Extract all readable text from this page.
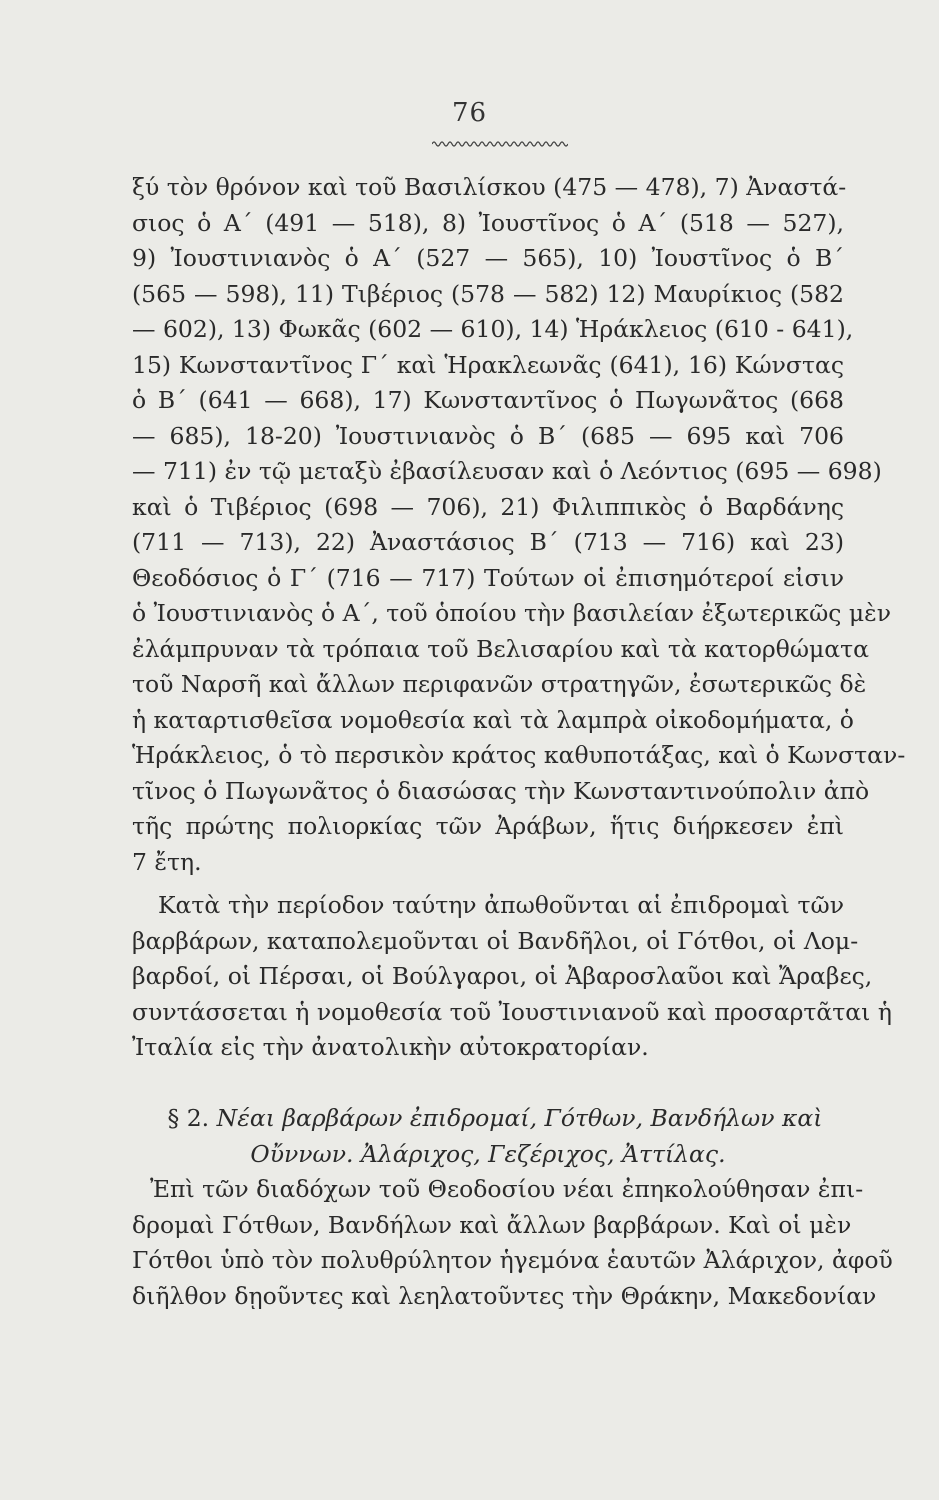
76
ξύ τὸν θρόνον καὶ τοῦ Βασιλίσκου (475 — 478), 7) Ἀναστά-
σιος ὁ Α΄ (491 — 518), 8) Ἰουστῖνος ὁ Α΄ (518 — 527),
9) Ἰουστινιανὸς ὁ Α΄ (527 — 565), 10) Ἰουστῖνος ὁ Β΄
(565 — 598), 11) Τιβέριος (578 — 582) 12) Μαυρίκιος (582
— 602), 13) Φωκᾶς (602 — 610), 14) Ἡράκλειος (610 - 641),
15) Κωνσταντῖνος Γ΄ καὶ Ἡρακλεωνᾶς (641), 16) Κώνστας
ὁ Β΄ (641 — 668), 17) Κωνσταντῖνος ὁ Πωγωνᾶτος (668
— 685), 18-20) Ἰουστινιανὸς ὁ Β΄ (685 — 695 καὶ 706
— 711) ἐν τῷ μεταξὺ ἐβασίλευσαν καὶ ὁ Λεόντιος (695 — 698)
καὶ ὁ Τιβέριος (698 — 706), 21) Φιλιππικὸς ὁ Βαρδάνης
(711 — 713), 22) Ἀναστάσιος Β΄ (713 — 716) καὶ 23)
Θεοδόσιος ὁ Γ΄ (716 — 717) Τούτων οἱ ἐπισημότεροί εἰσιν
ὁ Ἰουστινιανὸς ὁ Α΄, τοῦ ὁποίου τὴν βασιλείαν ἐξωτερικῶς μὲν
ἐλάμπρυναν τὰ τρόπαια τοῦ Βελισαρίου καὶ τὰ κατορθώματα
τοῦ Ναρσῆ καὶ ἄλλων περιφανῶν στρατηγῶν, ἐσωτερικῶς δὲ
ἡ καταρτισθεῖσα νομοθεσία καὶ τὰ λαμπρὰ οἰκοδομήματα, ὁ
Ἡράκλειος, ὁ τὸ περσικὸν κράτος καθυποτάξας, καὶ ὁ Κωνσταν-
τῖνος ὁ Πωγωνᾶτος ὁ διασώσας τὴν Κωνσταντινούπολιν ἀπὸ
τῆς πρώτης πολιορκίας τῶν Ἀράβων, ἥτις διήρκεσεν ἐπὶ
7 ἔτη.
Κατὰ τὴν περίοδον ταύτην ἀπωθοῦνται αἱ ἐπιδρομαὶ τῶν
βαρβάρων, καταπολεμοῦνται οἱ Βανδῆλοι, οἱ Γότθοι, οἱ Λομ-
βαρδοί, οἱ Πέρσαι, οἱ Βούλγαροι, οἱ Ἀβαροσλαῦοι καὶ Ἄραβες,
συντάσσεται ἡ νομοθεσία τοῦ Ἰουστινιανοῦ καὶ προσαρτᾶται ἡ
Ἰταλία εἰς τὴν ἀνατολικὴν αὐτοκρατορίαν.
§ 2. Νέαι βαρβάρων ἐπιδρομαί, Γότθων, Βανδήλων καὶ
Οὔννων. Ἀλάριχος, Γεζέριχος, Ἀττίλας.
Ἐπὶ τῶν διαδόχων τοῦ Θεοδοσίου νέαι ἐπηκολούθησαν ἐπι-
δρομαὶ Γότθων, Βανδήλων καὶ ἄλλων βαρβάρων. Καὶ οἱ μὲν
Γότθοι ὑπὸ τὸν πολυθρύλητον ἡγεμόνα ἑαυτῶν Ἀλάριχον, ἀφοῦ
διῆλθον δῃοῦντες καὶ λεηλατοῦντες τὴν Θράκην, Μακεδονίαν
